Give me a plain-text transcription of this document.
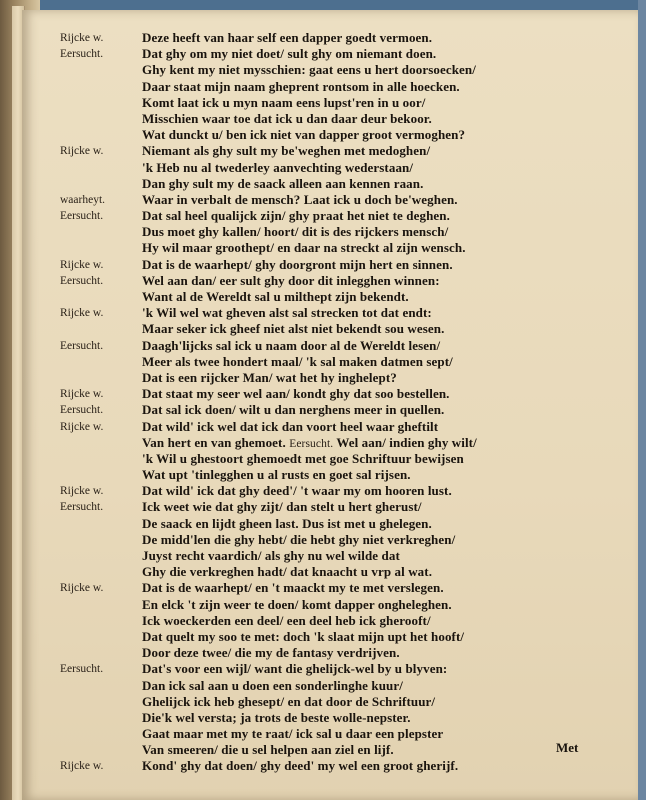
Rijcke w.	Deze heeft van haar self een dapper goedt vermoen.
Eersucht.	Dat ghy om my niet doet/ sult ghy om niemant doen.
Ghy kent my niet mysschien: gaat eens u hert doorsoecken/
Daar staat mijn naam gheprent rontsom in alle hoecken.
Komt laat ick u myn naam eens lupst'ren in u oor/
Misschien waar toe dat ick u dan daar deur bekoor.
Wat dunckt u/ ben ick niet van dapper groot vermoghen?
Rijcke w.	Niemant als ghy sult my be'weghen met medoghen/
'k Heb nu al twederley aanvechting wederstaan/
Dan ghy sult my de saack alleen aan kennen raan.
waarheyt.	Waar in verbalt de mensch? Laat ick u doch be'weghen.
Eersucht.	Dat sal heel qualijck zijn/ ghy praat het niet te deghen.
Dus moet ghy kallen/ hoort/ dit is des rijckers mensch/
Hy wil maar groothept/ en daar na streckt al zijn wensch.
Rijcke w.	Dat is de waarhept/ ghy doorgront mijn hert en sinnen.
Eersucht.	Wel aan dan/ eer sult ghy door dit inlegghen winnen:
Want al de Wereldt sal u milthept zijn bekendt.
Rijcke w.	'k Wil wel wat gheven alst sal strecken tot dat endt:
Maar seker ick gheef niet alst niet bekendt sou wesen.
Eersucht.	Daagh'lijcks sal ick u naam door al de Wereldt lesen/
Meer als twee hondert maal/ 'k sal maken datmen sept/
Dat is een rijcker Man/ wat het hy inghelept?
Rijcke w.	Dat staat my seer wel aan/ kondt ghy dat soo bestellen.
Eersucht.	Dat sal ick doen/ wilt u dan nerghens meer in quellen.
Rijcke w.	Dat wild' ick wel dat ick dan voort heel waar gheftilt
Van hert en van ghemoet. Eersucht. Wel aan/ indien ghy wilt/
'k Wil u ghestoort ghemoedt met goe Schriftuur bewijsen
Wat upt 'tinlegghen u al rusts en goet sal rijsen.
Rijcke w.	Dat wild' ick dat ghy deed'/ 't waar my om hooren lust.
Eersucht.	Ick weet wie dat ghy zijt/ dan stelt u hert gherust/
De saack en lijdt gheen last. Dus ist met u ghelegen.
De midd'len die ghy hebt/ die hebt ghy niet verkreghen/
Juyst recht vaardich/ als ghy nu wel wilde dat
Ghy die verkreghen hadt/ dat knaacht u vrp al wat.
Rijcke w.	Dat is de waarhept/ en 't maackt my te met verslegen.
En elck 't zijn weer te doen/ komt dapper ongheleghen.
Ick woeckerden een deel/ een deel heb ick gherooft/
Dat quelt my soo te met: doch 'k slaat mijn upt het hooft/
Door deze twee/ die my de fantasy verdrijven.
Eersucht.	Dat's voor een wijl/ want die ghelijck-wel by u blyven:
Dan ick sal aan u doen een sonderlinghe kuur/
Ghelijck ick heb ghesept/ en dat door de Schriftuur/
Die'k wel versta; ja trots de beste wolle-nepster.
Gaat maar met my te raat/ ick sal u daar een plepster
Van smeeren/ die u sel helpen aan ziel en lijf.
Rijcke w.	Kond' ghy dat doen/ ghy deed' my wel een groot gherijf.
Met
